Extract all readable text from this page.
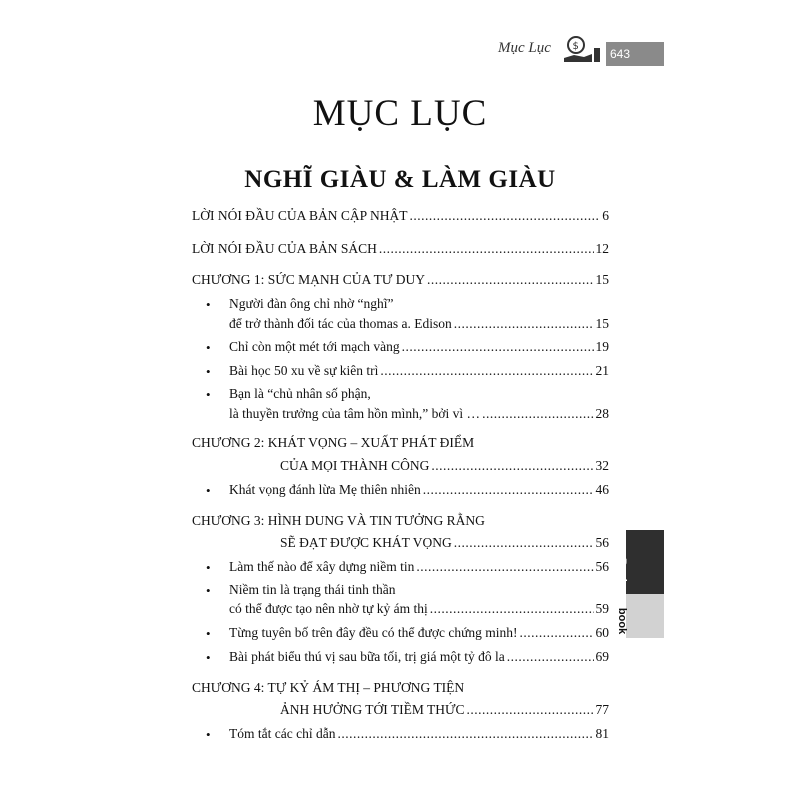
Mục Lục $
643
MỤC LỤC
NGHĨ GIÀU & LÀM GIÀU
LỜI NÓI ĐẦU CỦA BẢN CẬP NHẬT .....	6
LỜI NÓI ĐẦU CỦA BẢN SÁCH .....	12
CHƯƠNG 1: SỨC MẠNH CỦA TƯ DUY .....	15
• Người đàn ông chỉ nhờ “nghĩ”
để trở thành đối tác của thomas a. Edison .....	15
• Chỉ còn một mét tới mạch vàng .....	19
• Bài học 50 xu về sự kiên trì .....	21
• Bạn là “chủ nhân số phận,
là thuyền trưởng của tâm hồn mình,” bởi vì … .....	28
CHƯƠNG 2: KHÁT VỌNG – XUẤT PHÁT ĐIỂM
CỦA MỌI THÀNH CÔNG .....	32
• Khát vọng đánh lừa Mẹ thiên nhiên .....	46
CHƯƠNG 3: HÌNH DUNG VÀ TIN TƯỞNG RẰNG
SẼ ĐẠT ĐƯỢC KHÁT VỌNG .....	56
• Làm thế nào để xây dựng niềm tin .....	56
• Niềm tin là trạng thái tinh thần
có thể được tạo nên nhờ tự kỷ ám thị .....	59
• Từng tuyên bố trên đây đều có thể được chứng minh! .....	60
• Bài phát biểu thú vị sau bữa tối, trị giá một tỷ đô la .....	69
CHƯƠNG 4: TỰ KỶ ÁM THỊ – PHƯƠNG TIỆN
ẢNH HƯỞNG TỚI TIỀM THỨC .....	77
• Tóm tắt các chỉ dẫn .....	81
Businessbook
